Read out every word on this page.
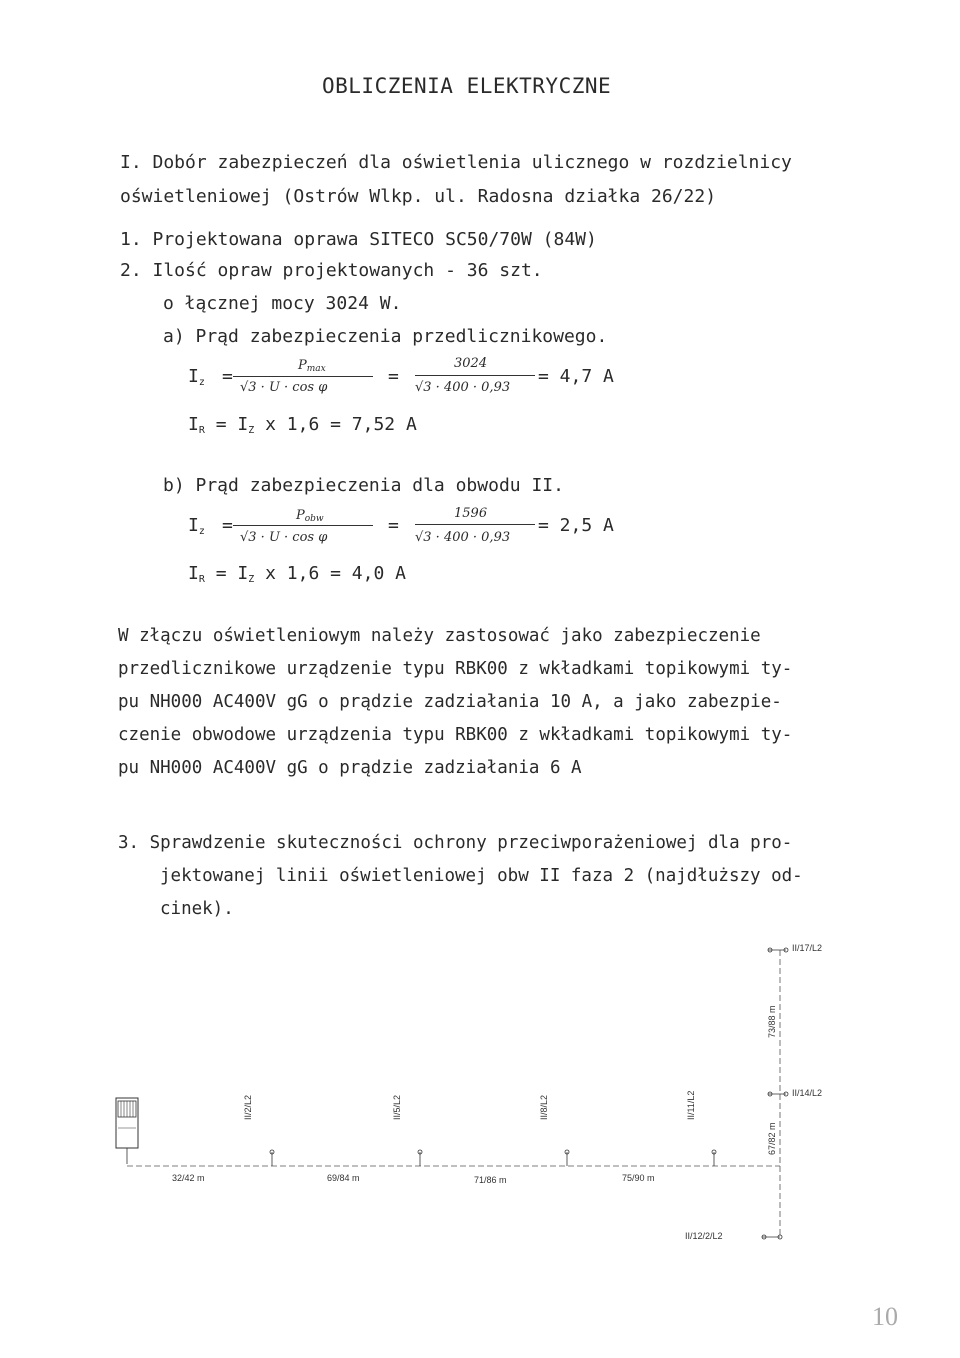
OBLICZENIA ELEKTRYCZNE
I. Dobór zabezpieczeń dla oświetlenia ulicznego w rozdzielnicy
oświetleniowej (Ostrów Wlkp. ul. Radosna działka 26/22)
1. Projektowana oprawa SITECO SC50/70W (84W)
2. Ilość opraw projektowanych - 36 szt.
o łącznej mocy 3024 W.
a) Prąd zabezpieczenia przedlicznikowego.
$I_z$ =
Pmax
√3 · U · cos φ
=
3024
√3 · 400 · 0,93
= 4,7 A
$I_R = I_Z$ x 1,6 = 7,52 A
b) Prąd zabezpieczenia dla obwodu II.
$I_z$ =	Pobw
√3 · U · cos φ
=
1596
√3 · 400 · 0,93
= 2,5 A
$I_R = I_Z$ x 1,6 = 4,0 A
W złączu oświetleniowym należy zastosować jako zabezpieczenie
przedlicznikowe urządzenie typu RBK00 z wkładkami topikowymi ty-
pu NH000 AC400V gG o prądzie zadziałania 10 A, a jako zabezpie-
czenie obwodowe urządzenia typu RBK00 z wkładkami topikowymi ty-
pu NH000 AC400V gG o prądzie zadziałania 6 A
3. Sprawdzenie skuteczności ochrony przeciwporażeniowej dla pro-
jektowanej linii oświetleniowej obw II faza 2 (najdłuższy od-
cinek).
II/17/L2
II/14/L2
II/12/2/L2
II/2/L2	II/5/L2	II/8/L2	II/11/L2
32/42 m	69/84 m	71/86 m	75/90 m
73/88 m
67/82 m
10
